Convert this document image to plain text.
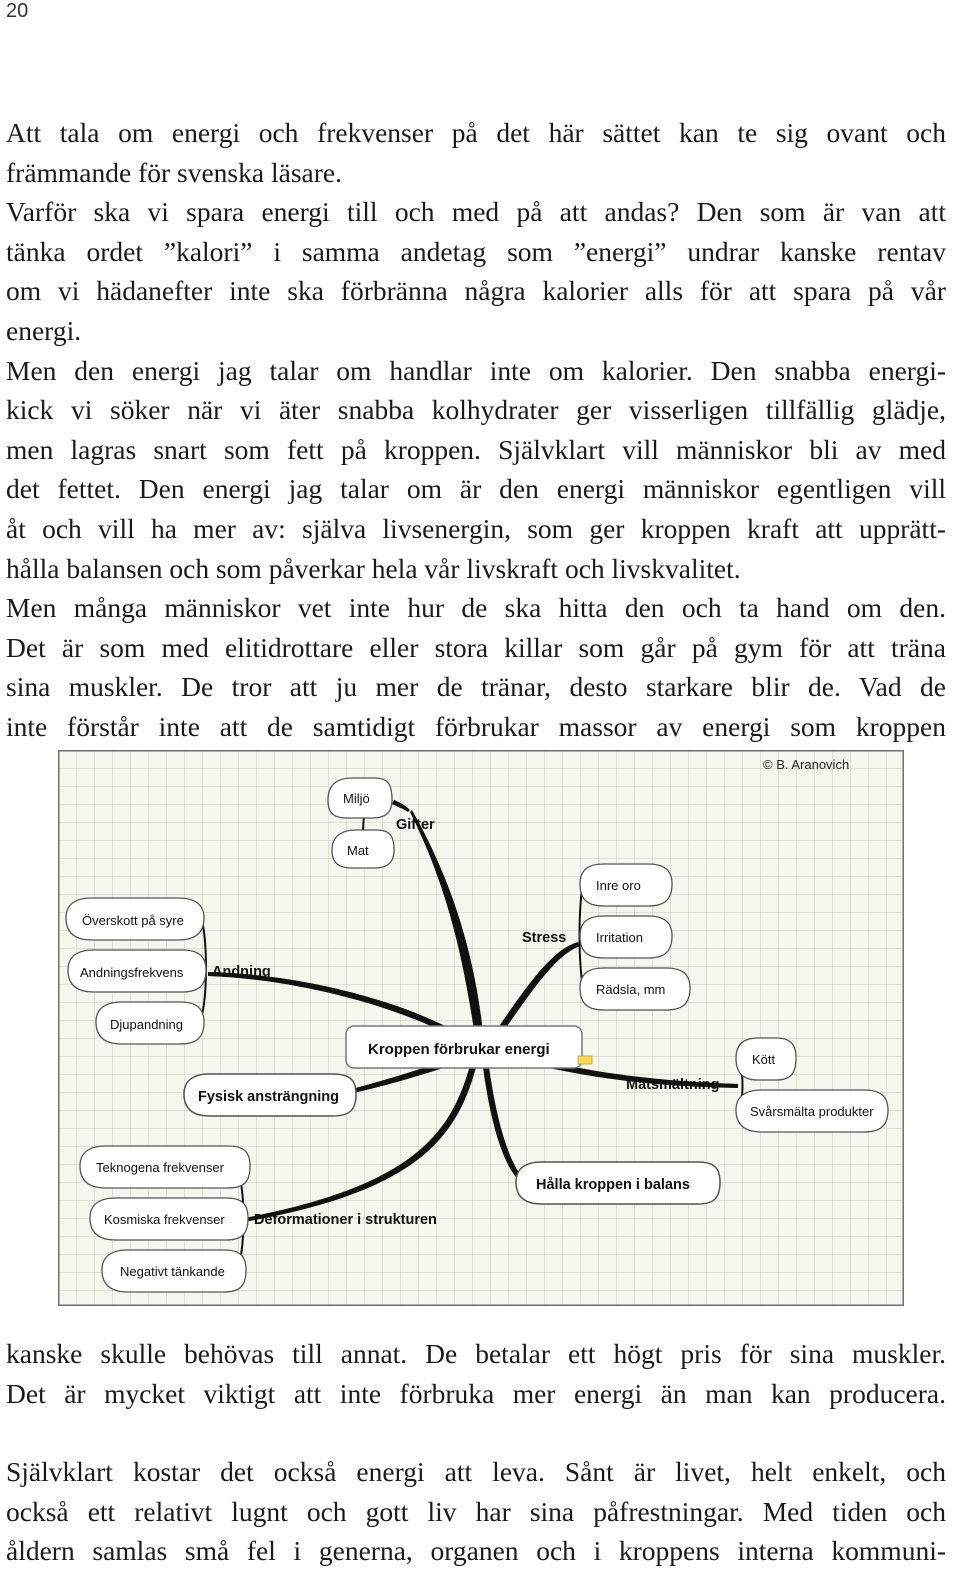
20
Att tala om energi och frekvenser på det här sättet kan te sig ovant och
främmande för svenska läsare.
Varför ska vi spara energi till och med på att andas? Den som är van att
tänka ordet ”kalori” i samma andetag som ”energi” undrar kanske rentav
om vi hädanefter inte ska förbränna några kalorier alls för att spara på vår
energi.
Men den energi jag talar om handlar inte om kalorier. Den snabba energi-
kick vi söker när vi äter snabba kolhydrater ger visserligen tillfällig glädje,
men lagras snart som fett på kroppen. Självklart vill människor bli av med
det fettet. Den energi jag talar om är den energi människor egentligen vill
åt och vill ha mer av: själva livsenergin, som ger kroppen kraft att upprätt-
hålla balansen och som påverkar hela vår livskraft och livskvalitet.
Men många människor vet inte hur de ska hitta den och ta hand om den.
Det är som med elitidrottare eller stora killar som går på gym för att träna
sina muskler. De tror att ju mer de tränar, desto starkare blir de. Vad de
inte förstår inte att de samtidigt förbrukar massor av energi som kroppen
© B. Aranovich
Kroppen förbrukar energi
Gifter
Stress
Andning
Fysisk ansträngning
Matsmältning
Deformationer i strukturen
Hålla kroppen i balans
Miljö
Mat
Inre oro
Irritation
Rädsla, mm
Överskott på syre
Andningsfrekvens
Djupandning
Kött
Svårsmälta produkter
Teknogena frekvenser
Kosmiska frekvenser
Negativt tänkande
kanske skulle behövas till annat. De betalar ett högt pris för sina muskler.
Det är mycket viktigt att inte förbruka mer energi än man kan producera.
Självklart kostar det också energi att leva. Sånt är livet, helt enkelt, och
också ett relativt lugnt och gott liv har sina påfrestningar. Med tiden och
åldern samlas små fel i generna, organen och i kroppens interna kommuni-
